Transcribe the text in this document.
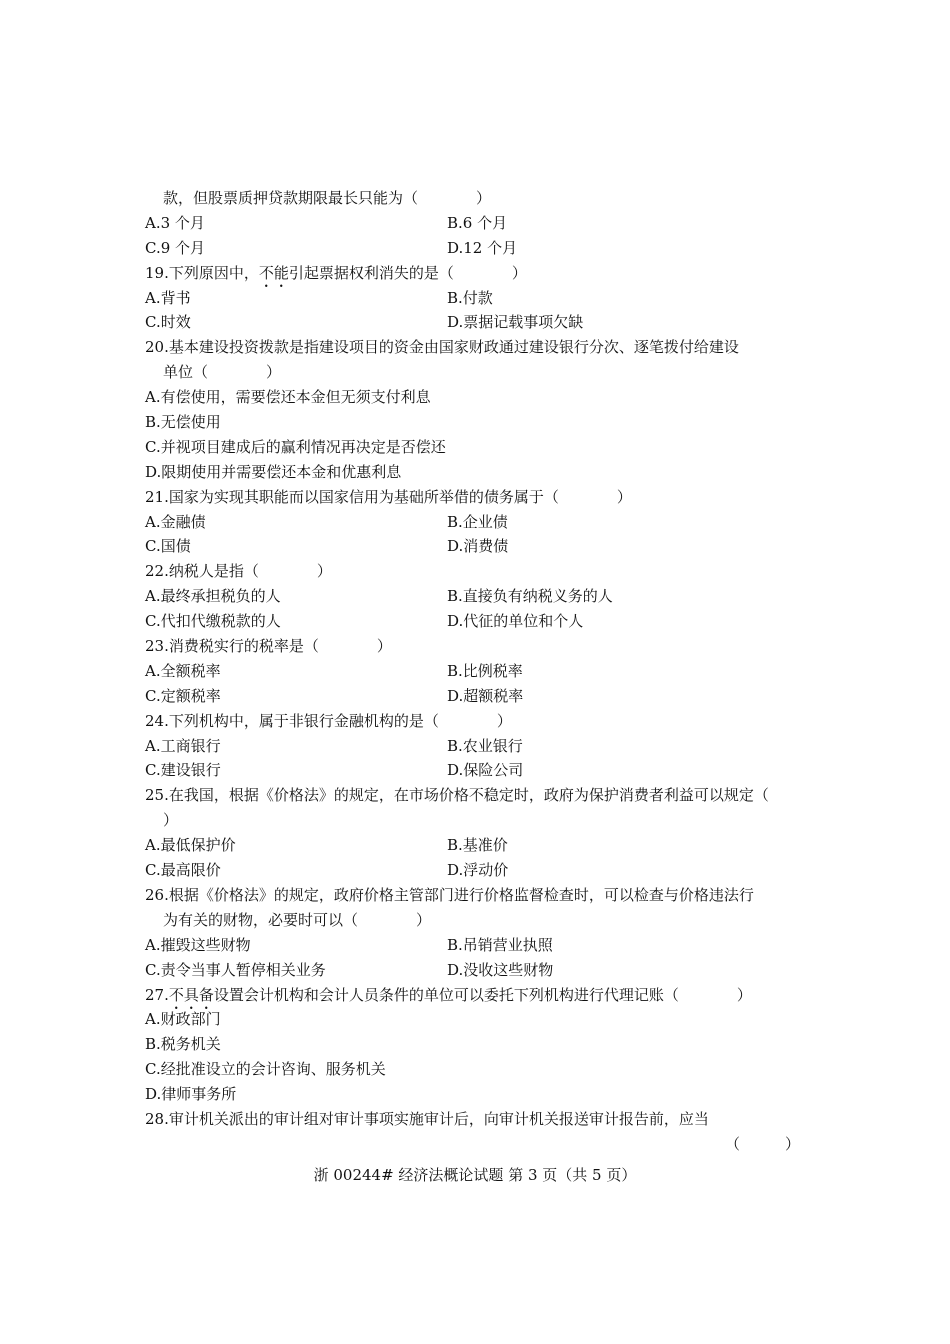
款，但股票质押贷款期限最长只能为（	）
A.3 个月	B.6 个月
C.9 个月	D.12 个月
19.下列原因中，不能引起票据权利消失的是（	）
A.背书	B.付款
C.时效	D.票据记载事项欠缺
20.基本建设投资拨款是指建设项目的资金由国家财政通过建设银行分次、逐笔拨付给建设
单位（	）
A.有偿使用，需要偿还本金但无须支付利息
B.无偿使用
C.并视项目建成后的赢利情况再决定是否偿还
D.限期使用并需要偿还本金和优惠利息
21.国家为实现其职能而以国家信用为基础所举借的债务属于（	）
A.金融债	B.企业债
C.国债	D.消费债
22.纳税人是指（	）
A.最终承担税负的人	B.直接负有纳税义务的人
C.代扣代缴税款的人	D.代征的单位和个人
23.消费税实行的税率是（	）
A.全额税率	B.比例税率
C.定额税率	D.超额税率
24.下列机构中，属于非银行金融机构的是（	）
A.工商银行	B.农业银行
C.建设银行	D.保险公司
25.在我国，根据《价格法》的规定，在市场价格不稳定时，政府为保护消费者利益可以规定（
）
A.最低保护价	B.基准价
C.最高限价	D.浮动价
26.根据《价格法》的规定，政府价格主管部门进行价格监督检查时，可以检查与价格违法行
为有关的财物，必要时可以（	）
A.摧毁这些财物	B.吊销营业执照
C.责令当事人暂停相关业务	D.没收这些财物
27.不具备设置会计机构和会计人员条件的单位可以委托下列机构进行代理记账（	）
A.财政部门
B.税务机关
C.经批准设立的会计咨询、服务机关
D.律师事务所
28.审计机关派出的审计组对审计事项实施审计后，向审计机关报送审计报告前，应当
（　　　）
浙 00244# 经济法概论试题 第 3 页（共 5 页）
